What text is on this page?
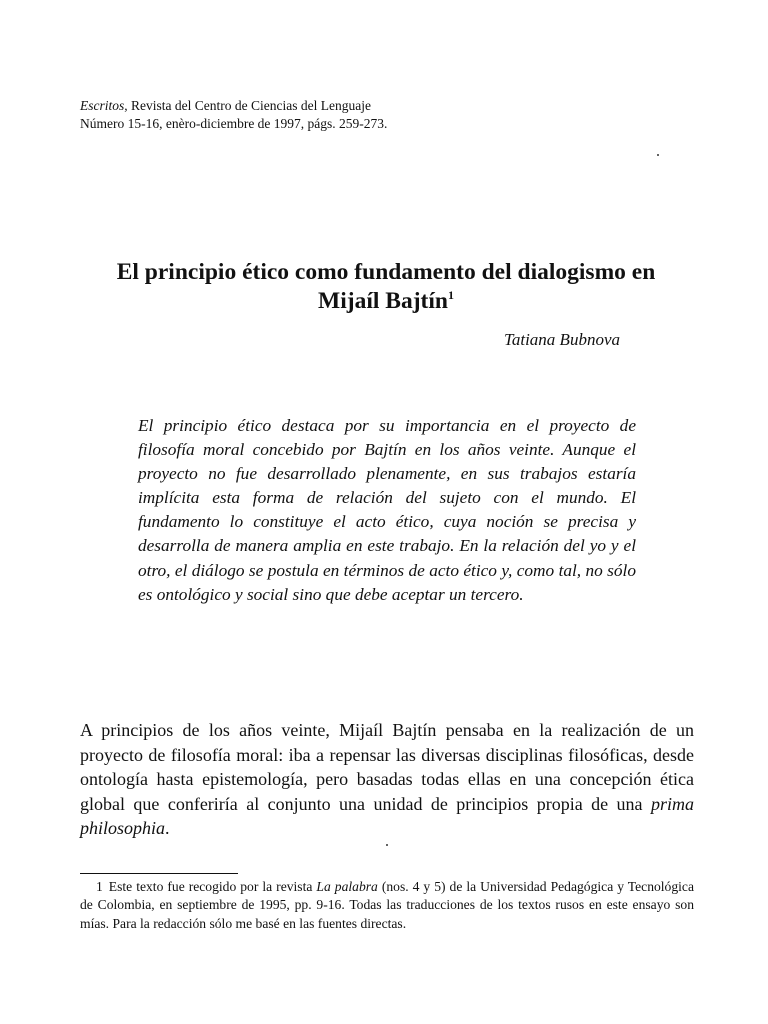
Escritos, Revista del Centro de Ciencias del Lenguaje
Número 15-16, enèro-diciembre de 1997, págs. 259-273.
El principio ético como fundamento del dialogismo en Mijaíl Bajtín$^1$
Tatiana Bubnova
El principio ético destaca por su importancia en el proyecto de filosofía moral concebido por Bajtín en los años veinte. Aunque el proyecto no fue desarrollado plenamente, en sus trabajos estaría implícita esta forma de relación del sujeto con el mundo. El fundamento lo constituye el acto ético, cuya noción se precisa y desarrolla de manera amplia en este trabajo. En la relación del yo y el otro, el diálogo se postula en términos de acto ético y, como tal, no sólo es ontológico y social sino que debe aceptar un tercero.
A principios de los años veinte, Mijaíl Bajtín pensaba en la realización de un proyecto de filosofía moral: iba a repensar las diversas disciplinas filosóficas, desde ontología hasta epistemología, pero basadas todas ellas en una concepción ética global que conferiría al conjunto una unidad de principios propia de una prima philosophia.
1 Este texto fue recogido por la revista La palabra (nos. 4 y 5) de la Universidad Pedagógica y Tecnológica de Colombia, en septiembre de 1995, pp. 9-16. Todas las traducciones de los textos rusos en este ensayo son mías. Para la redacción sólo me basé en las fuentes directas.
